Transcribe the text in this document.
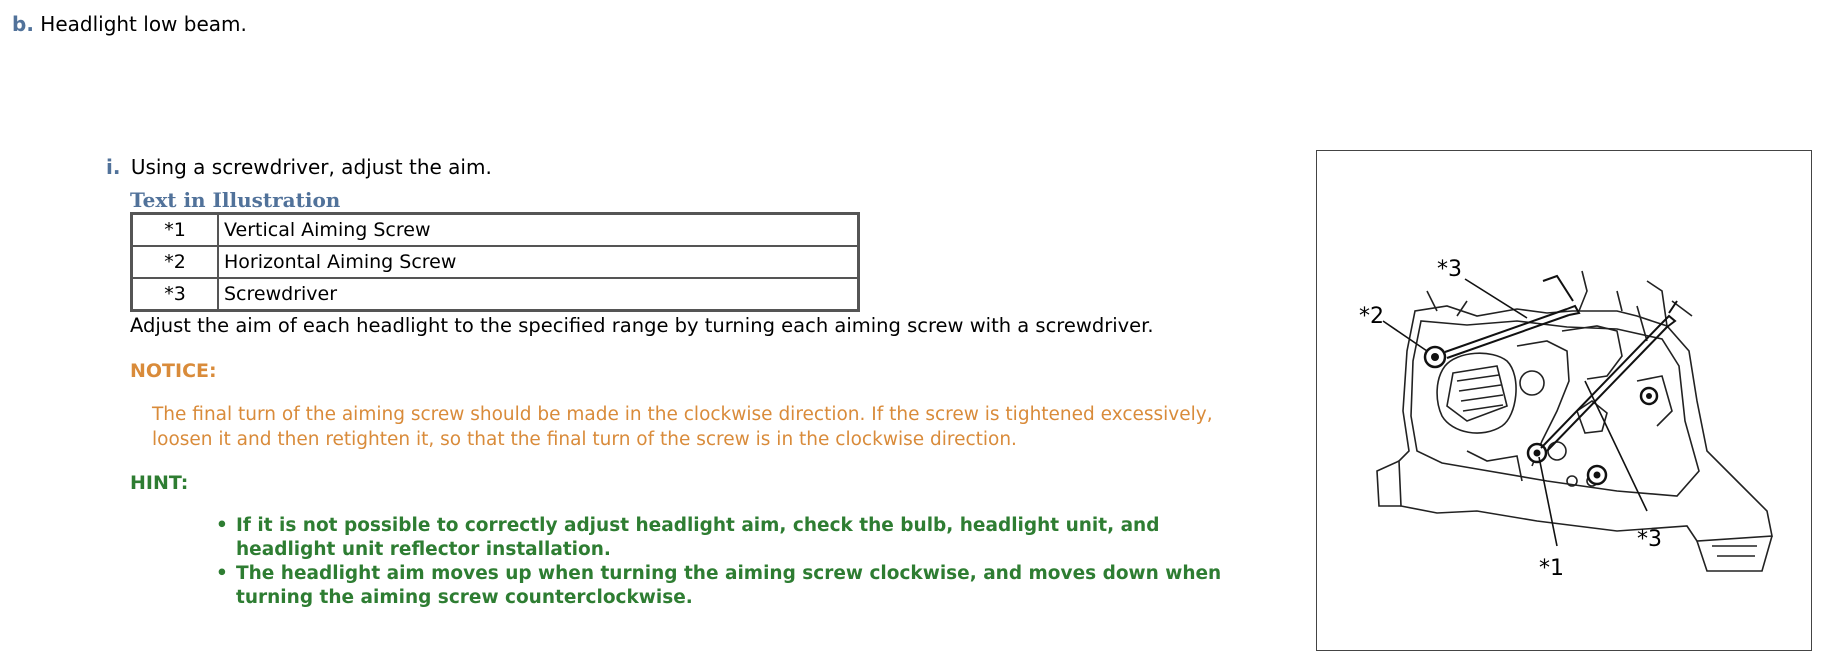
b. Headlight low beam.
i. Using a screwdriver, adjust the aim.
Text in Illustration
*1	Vertical Aiming Screw
*2	Horizontal Aiming Screw
*3	Screwdriver
Adjust the aim of each headlight to the specified range by turning each aiming screw with a screwdriver.
NOTICE:
The final turn of the aiming screw should be made in the clockwise direction. If the screw is tightened excessively, loosen it and then retighten it, so that the final turn of the screw is in the clockwise direction.
HINT:
• If it is not possible to correctly adjust headlight aim, check the bulb, headlight unit, and headlight unit reflector installation.
• The headlight aim moves up when turning the aiming screw clockwise, and moves down when turning the aiming screw counterclockwise.
*3
*2
*1
*3
